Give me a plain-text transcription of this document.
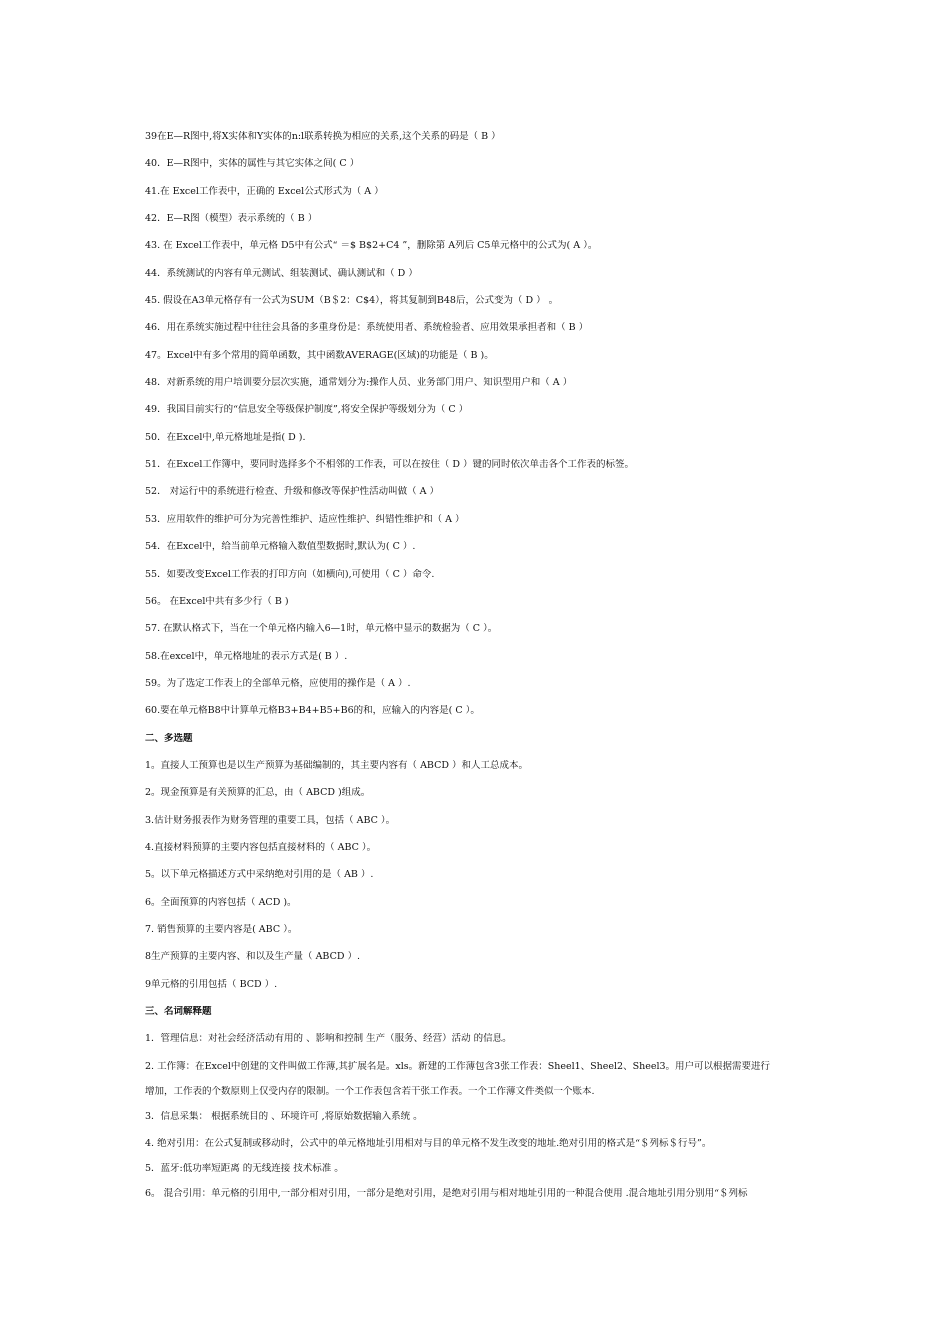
39在E—R图中,将X实体和Y实体的n:l联系转换为相应的关系,这个关系的码是（ B ）
40．E—R图中，实体的属性与其它实体之间( C ）
41.在 Excel工作表中，正确的 Excel公式形式为（ A ）
42．E—R图（模型）表示系统的（ B ）
43. 在 Excel工作表中，单元格 D5中有公式“ ＝$ B$2+C4 ”，删除第 A列后 C5单元格中的公式为( A ）。
44．系统测试的内容有单元测试、组装测试、确认测试和（ D ）
45. 假设在A3单元格存有一公式为SUM（B＄2：C$4），将其复制到B48后，公式变为（ D ） 。
46．用在系统实施过程中往往会具备的多重身份是：系统使用者、系统检验者、应用效果承担者和（ B ）
47。Excel中有多个常用的简单函数，其中函数AVERAGE(区域)的功能是（ B )。
48．对新系统的用户培训要分层次实施，通常划分为:操作人员、业务部门用户、知识型用户和（ A ）
49．我国目前实行的“信息安全等级保护制度”,将安全保护等级划分为（ C ）
50．在Excel中,单元格地址是指( D ).
51．在Excel工作簿中，要同时选择多个不相邻的工作表，可以在按住（ D ）键的同时依次单击各个工作表的标签。
52． 对运行中的系统进行检查、升级和修改等保护性活动叫做（ A ）
53．应用软件的维护可分为完善性维护、适应性维护、纠错性维护和（ A ）
54．在Excel中，给当前单元格输入数值型数据时,默认为( C ）.
55．如要改变Excel工作表的打印方向（如横向),可使用（ C ）命令.
56。 在Excel中共有多少行（ B )
57. 在默认格式下，当在一个单元格内输入6—1时，单元格中显示的数据为（ C ）。
58.在excel中，单元格地址的表示方式是( B ）.
59。为了选定工作表上的全部单元格，应使用的操作是（ A ）.
60.要在单元格B8中计算单元格B3+B4+B5+B6的和，应输入的内容是( C ）。
二、多选题
1。直接人工预算也是以生产预算为基础编制的，其主要内容有（ ABCD ）和人工总成本。
2。现金预算是有关预算的汇总，由（ ABCD )组成。
3.估计财务报表作为财务管理的重要工具，包括（ ABC ）。
4.直接材料预算的主要内容包括直接材料的（ ABC ）。
5。以下单元格描述方式中采纳绝对引用的是（ AB ）.
6。全面预算的内容包括（ ACD )。
7. 销售预算的主要内容是( ABC ）。
8生产预算的主要内容、和以及生产量（ ABCD ）.
9单元格的引用包括（ BCD ）.
三、名词解释题
1．管理信息：对社会经济活动有用的 、影响和控制 生产（服务、经营）活动 的信息。
2. 工作簿：在Excel中创建的文件叫做工作薄,其扩展名是。xls。新建的工作薄包含3张工作表：Sheel1、Sheel2、Sheel3。用户可以根据需要进行
增加，工作表的个数原则上仅受内存的限制。一个工作表包含若干张工作表。一个工作薄文件类似一个账本.
3．信息采集： 根据系统目的 、环境许可 ,将原始数据输入系统 。
4. 绝对引用：在公式复制或移动时，公式中的单元格地址引用相对与目的单元格不发生改变的地址.绝对引用的格式是“＄列标＄行号”。
5．蓝牙:低功率短距离 的无线连接 技术标准 。
6。 混合引用：单元格的引用中,一部分相对引用，一部分是绝对引用，是绝对引用与相对地址引用的一种混合使用 .混合地址引用分别用“＄列标
